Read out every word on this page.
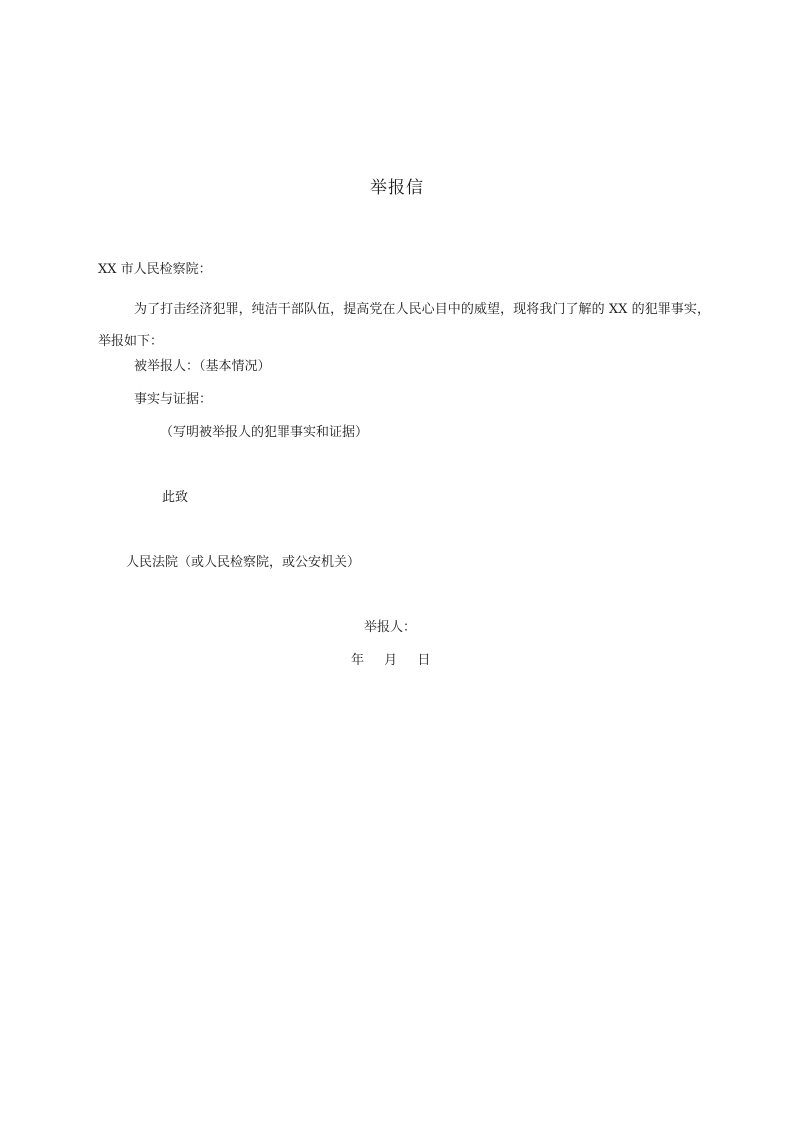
举报信
XX 市人民检察院：
为了打击经济犯罪，纯洁干部队伍，提高党在人民心目中的威望，现将我门了解的 XX 的犯罪事实，举报如下：
被举报人：（基本情况）
事实与证据：
（写明被举报人的犯罪事实和证据）
此致
人民法院（或人民检察院，或公安机关）
举报人：
年 月 日
